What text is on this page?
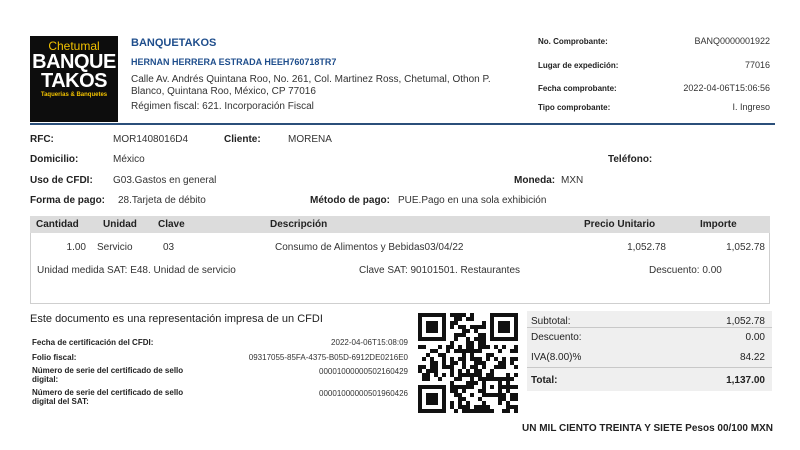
Chetumal
BANQUE
TAKOS
Taquerias & Banquetes
BANQUETAKOS
HERNAN HERRERA ESTRADA HEEH760718TR7
Calle Av. Andrés Quintana Roo, No. 261, Col. Martinez Ross, Chetumal, Othon P. Blanco, Quintana Roo, México, CP 77016
Régimen fiscal: 621. Incorporación Fiscal
No. Comprobante:	BANQ0000001922
Lugar de expedición:	77016
Fecha comprobante:	2022-04-06T15:06:56
Tipo comprobante:	I. Ingreso
RFC:	MOR1408016D4	Cliente:	MORENA
Domicilio:	México	Teléfono:
Uso de CFDI: G03.Gastos en general	Moneda: MXN
Forma de pago: 28.Tarjeta de débito	Método de pago: PUE.Pago en una sola exhibición
Cantidad Unidad Clave	Descripción	Precio Unitario	Importe
1.00 Servicio	03	Consumo de Alimentos y Bebidas03/04/22	1,052.78	1,052.78
Unidad medida SAT: E48. Unidad de servicio	Clave SAT: 90101501. Restaurantes	Descuento: 0.00
Este documento es una representación impresa de un CFDI
Fecha de certificación del CFDI:	2022-04-06T15:08:09
Folio fiscal:	09317055-85FA-4375-B05D-6912DE0216E0
Número de serie del certificado de sello digital:
00001000000502160429
Número de serie del certificado de sello digital del SAT:
00001000000501960426
Subtotal:	1,052.78
Descuento:	0.00
IVA(8.00)%	84.22
Total:	1,137.00
UN MIL CIENTO TREINTA Y SIETE Pesos 00/100 MXN
